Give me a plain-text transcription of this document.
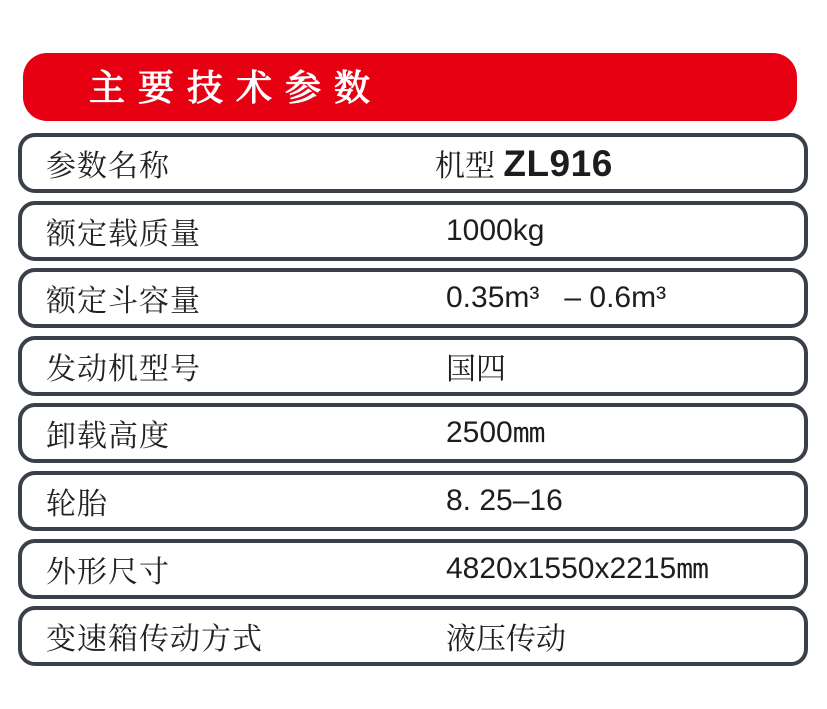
主要技术参数
参数名称	机型 ZL916
额定载质量	1000kg
额定斗容量	0.35m³   – 0.6m³
发动机型号	国四
卸载高度	2500 mm
轮胎	8. 25–16
外形尺寸	4820x1550x2215 mm
变速箱传动方式	液压传动
